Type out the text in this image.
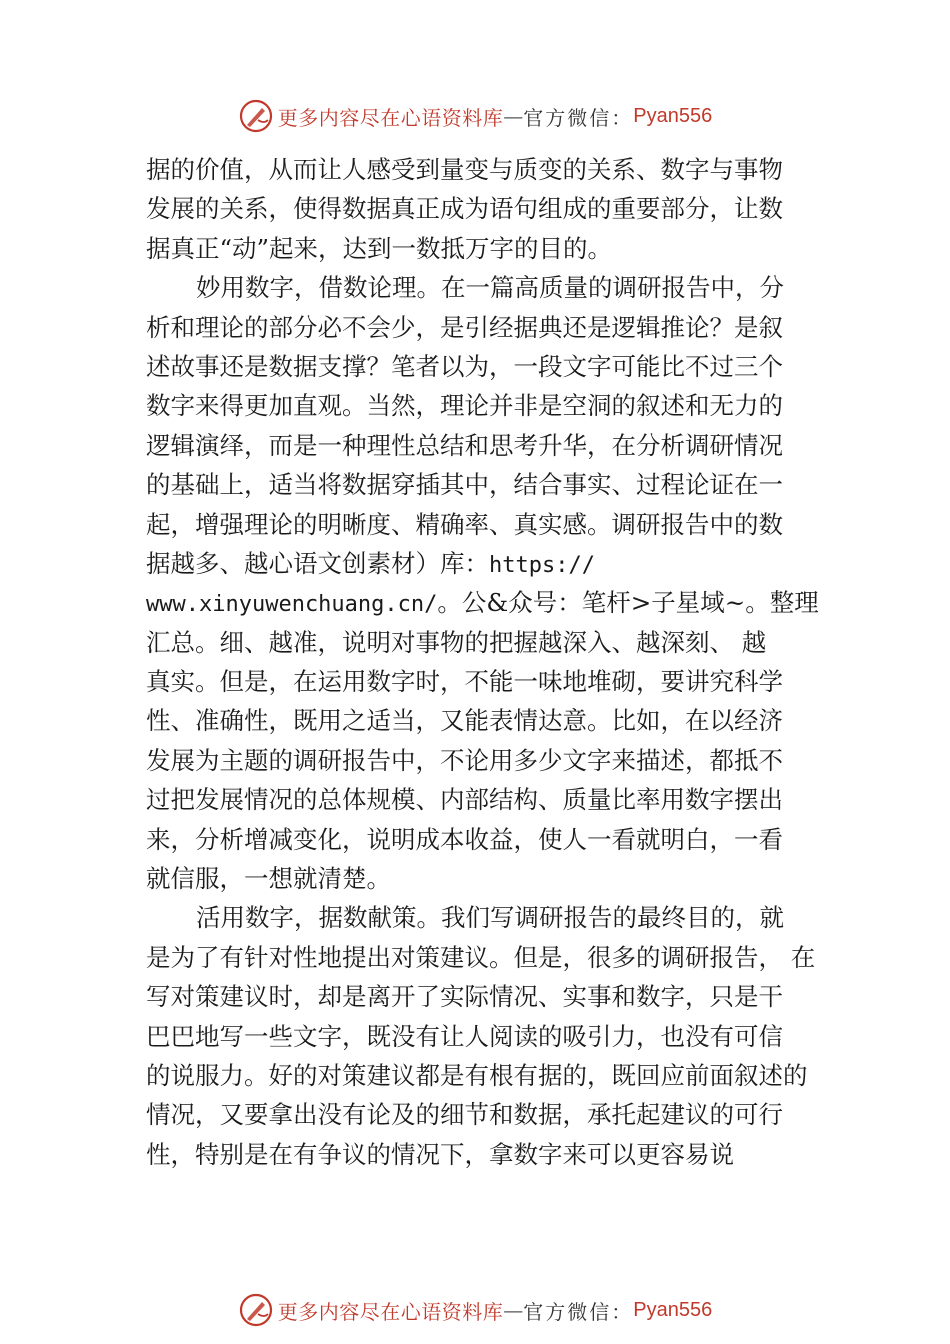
更多内容尽在心语资料库 — 官方微信： Pyan556
据的价值，从而让人感受到量变与质变的关系、数字与事物
发展的关系，使得数据真正成为语句组成的重要部分，让数
据真正“动”起来，达到一数抵万字的目的。
妙用数字，借数论理。在一篇高质量的调研报告中，分
析和理论的部分必不会少，是引经据典还是逻辑推论？是叙
述故事还是数据支撑？笔者以为，一段文字可能比不过三个
数字来得更加直观。当然，理论并非是空洞的叙述和无力的
逻辑演绎，而是一种理性总结和思考升华，在分析调研情况
的基础上，适当将数据穿插其中，结合事实、过程论证在一
起，增强理论的明晰度、精确率、真实感。调研报告中的数
据越多、越心语文创素材）库：https://
www.xinyuwenchuang.cn/。公&众号：笔杆>子星域~。整理
汇总。细、越准，说明对事物的把握越深入、越深刻、 越
真实。但是，在运用数字时，不能一味地堆砌，要讲究科学
性、准确性，既用之适当，又能表情达意。比如，在以经济
发展为主题的调研报告中，不论用多少文字来描述，都抵不
过把发展情况的总体规模、内部结构、质量比率用数字摆出
来，分析增减变化，说明成本收益，使人一看就明白，一看
就信服，一想就清楚。
活用数字，据数献策。我们写调研报告的最终目的，就
是为了有针对性地提出对策建议。但是，很多的调研报告， 在
写对策建议时，却是离开了实际情况、实事和数字，只是干
巴巴地写一些文字，既没有让人阅读的吸引力，也没有可信
的说服力。好的对策建议都是有根有据的，既回应前面叙述的
情况，又要拿出没有论及的细节和数据，承托起建议的可行
性，特别是在有争议的情况下，拿数字来可以更容易说
更多内容尽在心语资料库 — 官方微信： Pyan556
